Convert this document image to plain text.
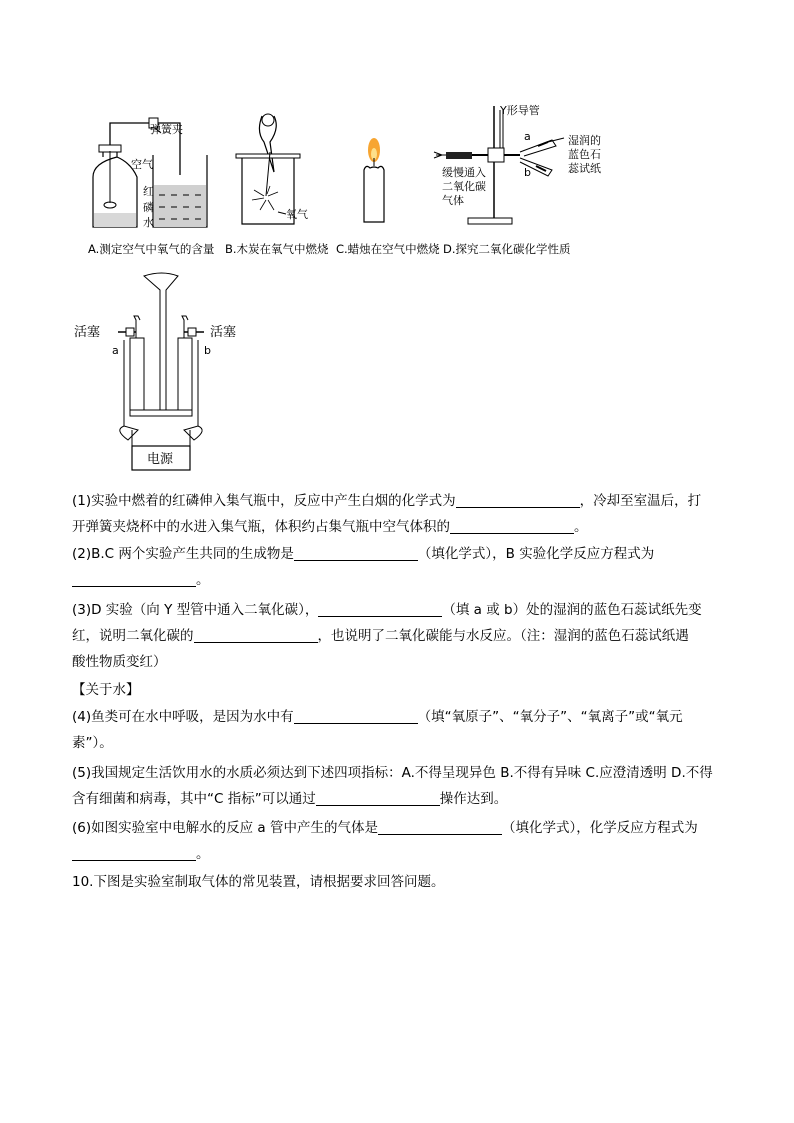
弹簧夹
空气
红
磷
水
氧气
Y形导管
a
b
湿润的
蓝色石
蕊试纸
缓慢通入
二氧化碳
气体
A.测定空气中氧气的含量 B.木炭在氧气中燃烧 C.蜡烛在空气中燃烧 D.探究二氧化碳化学性质
活塞	活塞
a	b
电源
(1)实验中燃着的红磷伸入集气瓶中，反应中产生白烟的化学式为	，冷却至室温后，打
开弹簧夹烧杯中的水进入集气瓶，体积约占集气瓶中空气体积的	。
(2)B.C 两个实验产生共同的生成物是	（填化学式），B 实验化学反应方程式为
。
(3)D 实验（向 Y 型管中通入二氧化碳），	（填 a 或 b）处的湿润的蓝色石蕊试纸先变
红，说明二氧化碳的	，也说明了二氧化碳能与水反应。（注：湿润的蓝色石蕊试纸遇
酸性物质变红）
【关于水】
(4)鱼类可在水中呼吸，是因为水中有	（填“氧原子”、“氧分子”、“氧离子”或“氧元
素”）。
(5)我国规定生活饮用水的水质必须达到下述四项指标：A.不得呈现异色 B.不得有异味 C.应澄清透明 D.不得
含有细菌和病毒，其中“C 指标”可以通过	操作达到。
(6)如图实验室中电解水的反应 a 管中产生的气体是	（填化学式），化学反应方程式为
。
10.下图是实验室制取气体的常见装置，请根据要求回答问题。
